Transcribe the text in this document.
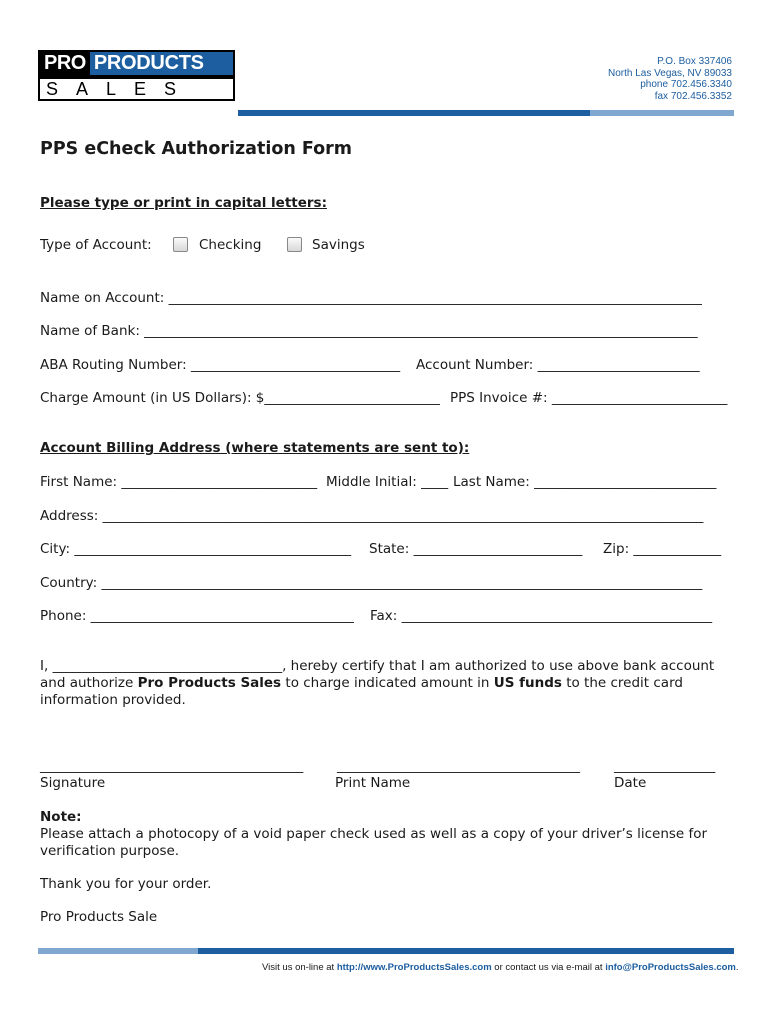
PRO PRODUCTS
SALES
P.O. Box 337406
North Las Vegas, NV 89033
phone 702.456.3340
fax 702.456.3352
PPS eCheck Authorization Form
Please type or print in capital letters:
Type of Account:	Checking	Savings
Name on Account: _______________________________________________________________________________
Name of Bank: __________________________________________________________________________________
ABA Routing Number: _______________________________ Account Number: ________________________
Charge Amount (in US Dollars): $__________________________ PPS Invoice #: __________________________
Account Billing Address (where statements are sent to):
First Name: _____________________________ Middle Initial: ____ Last Name: ___________________________
Address: _________________________________________________________________________________________
City: _________________________________________ State: _________________________ Zip: _____________
Country: _________________________________________________________________________________________
Phone: _______________________________________ Fax: ______________________________________________
I, __________________________________, hereby certify that I am authorized to use above bank account
and authorize Pro Products Sales to charge indicated amount in US funds to the credit card
information provided.
_______________________________________	____________________________________	_______________
Signature	Print Name	Date
Note:
Please attach a photocopy of a void paper check used as well as a copy of your driver’s license for
verification purpose.
Thank you for your order.
Pro Products Sale
Visit us on-line at http://www.ProProductsSales.com or contact us via e-mail at info@ProProductsSales.com.
